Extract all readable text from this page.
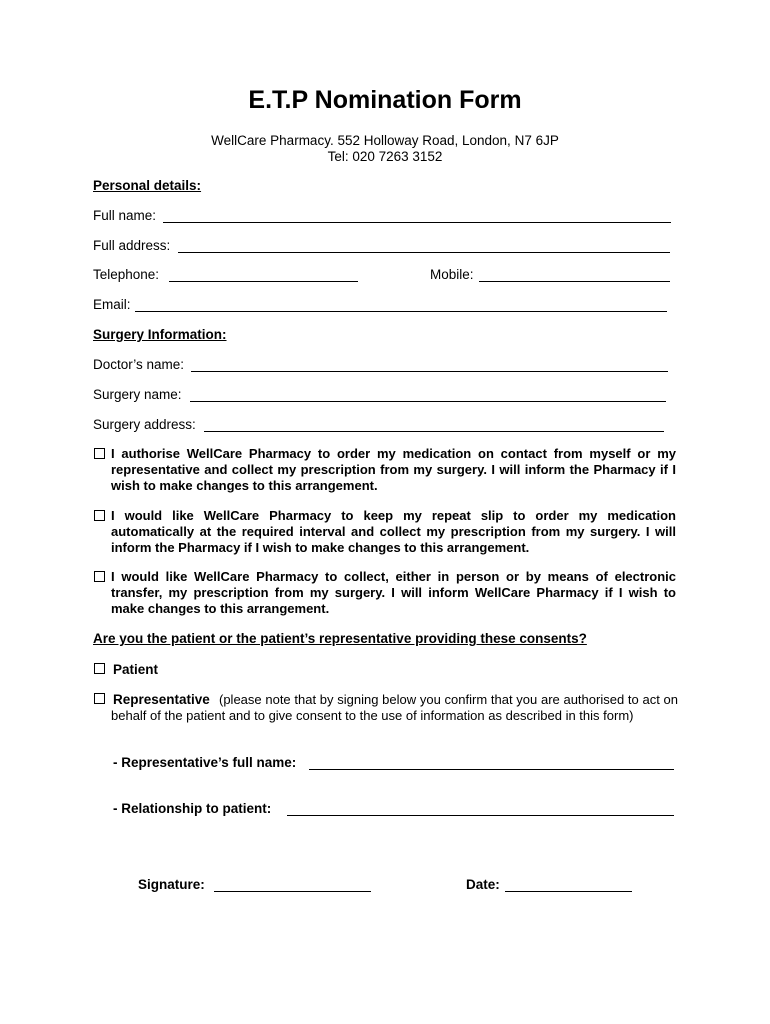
E.T.P Nomination Form
WellCare Pharmacy. 552 Holloway Road, London, N7 6JP
Tel: 020 7263 3152
Personal details:
Full name:
Full address:
Telephone:	Mobile:
Email:
Surgery Information:
Doctor’s name:
Surgery name:
Surgery address:
I authorise WellCare Pharmacy to order my medication on contact from myself or my representative and collect my prescription from my surgery. I will inform the Pharmacy if I wish to make changes to this arrangement.
I would like WellCare Pharmacy to keep my repeat slip to order my medication automatically at the required interval and collect my prescription from my surgery. I will inform the Pharmacy if I wish to make changes to this arrangement.
I would like WellCare Pharmacy to collect, either in person or by means of electronic transfer, my prescription from my surgery. I will inform WellCare Pharmacy if I wish to make changes to this arrangement.
Are you the patient or the patient’s representative providing these consents?
Patient
Representative (please note that by signing below you confirm that you are authorised to act on behalf of the patient and to give consent to the use of information as described in this form)
- Representative’s full name:
- Relationship to patient:
Signature:	Date:
